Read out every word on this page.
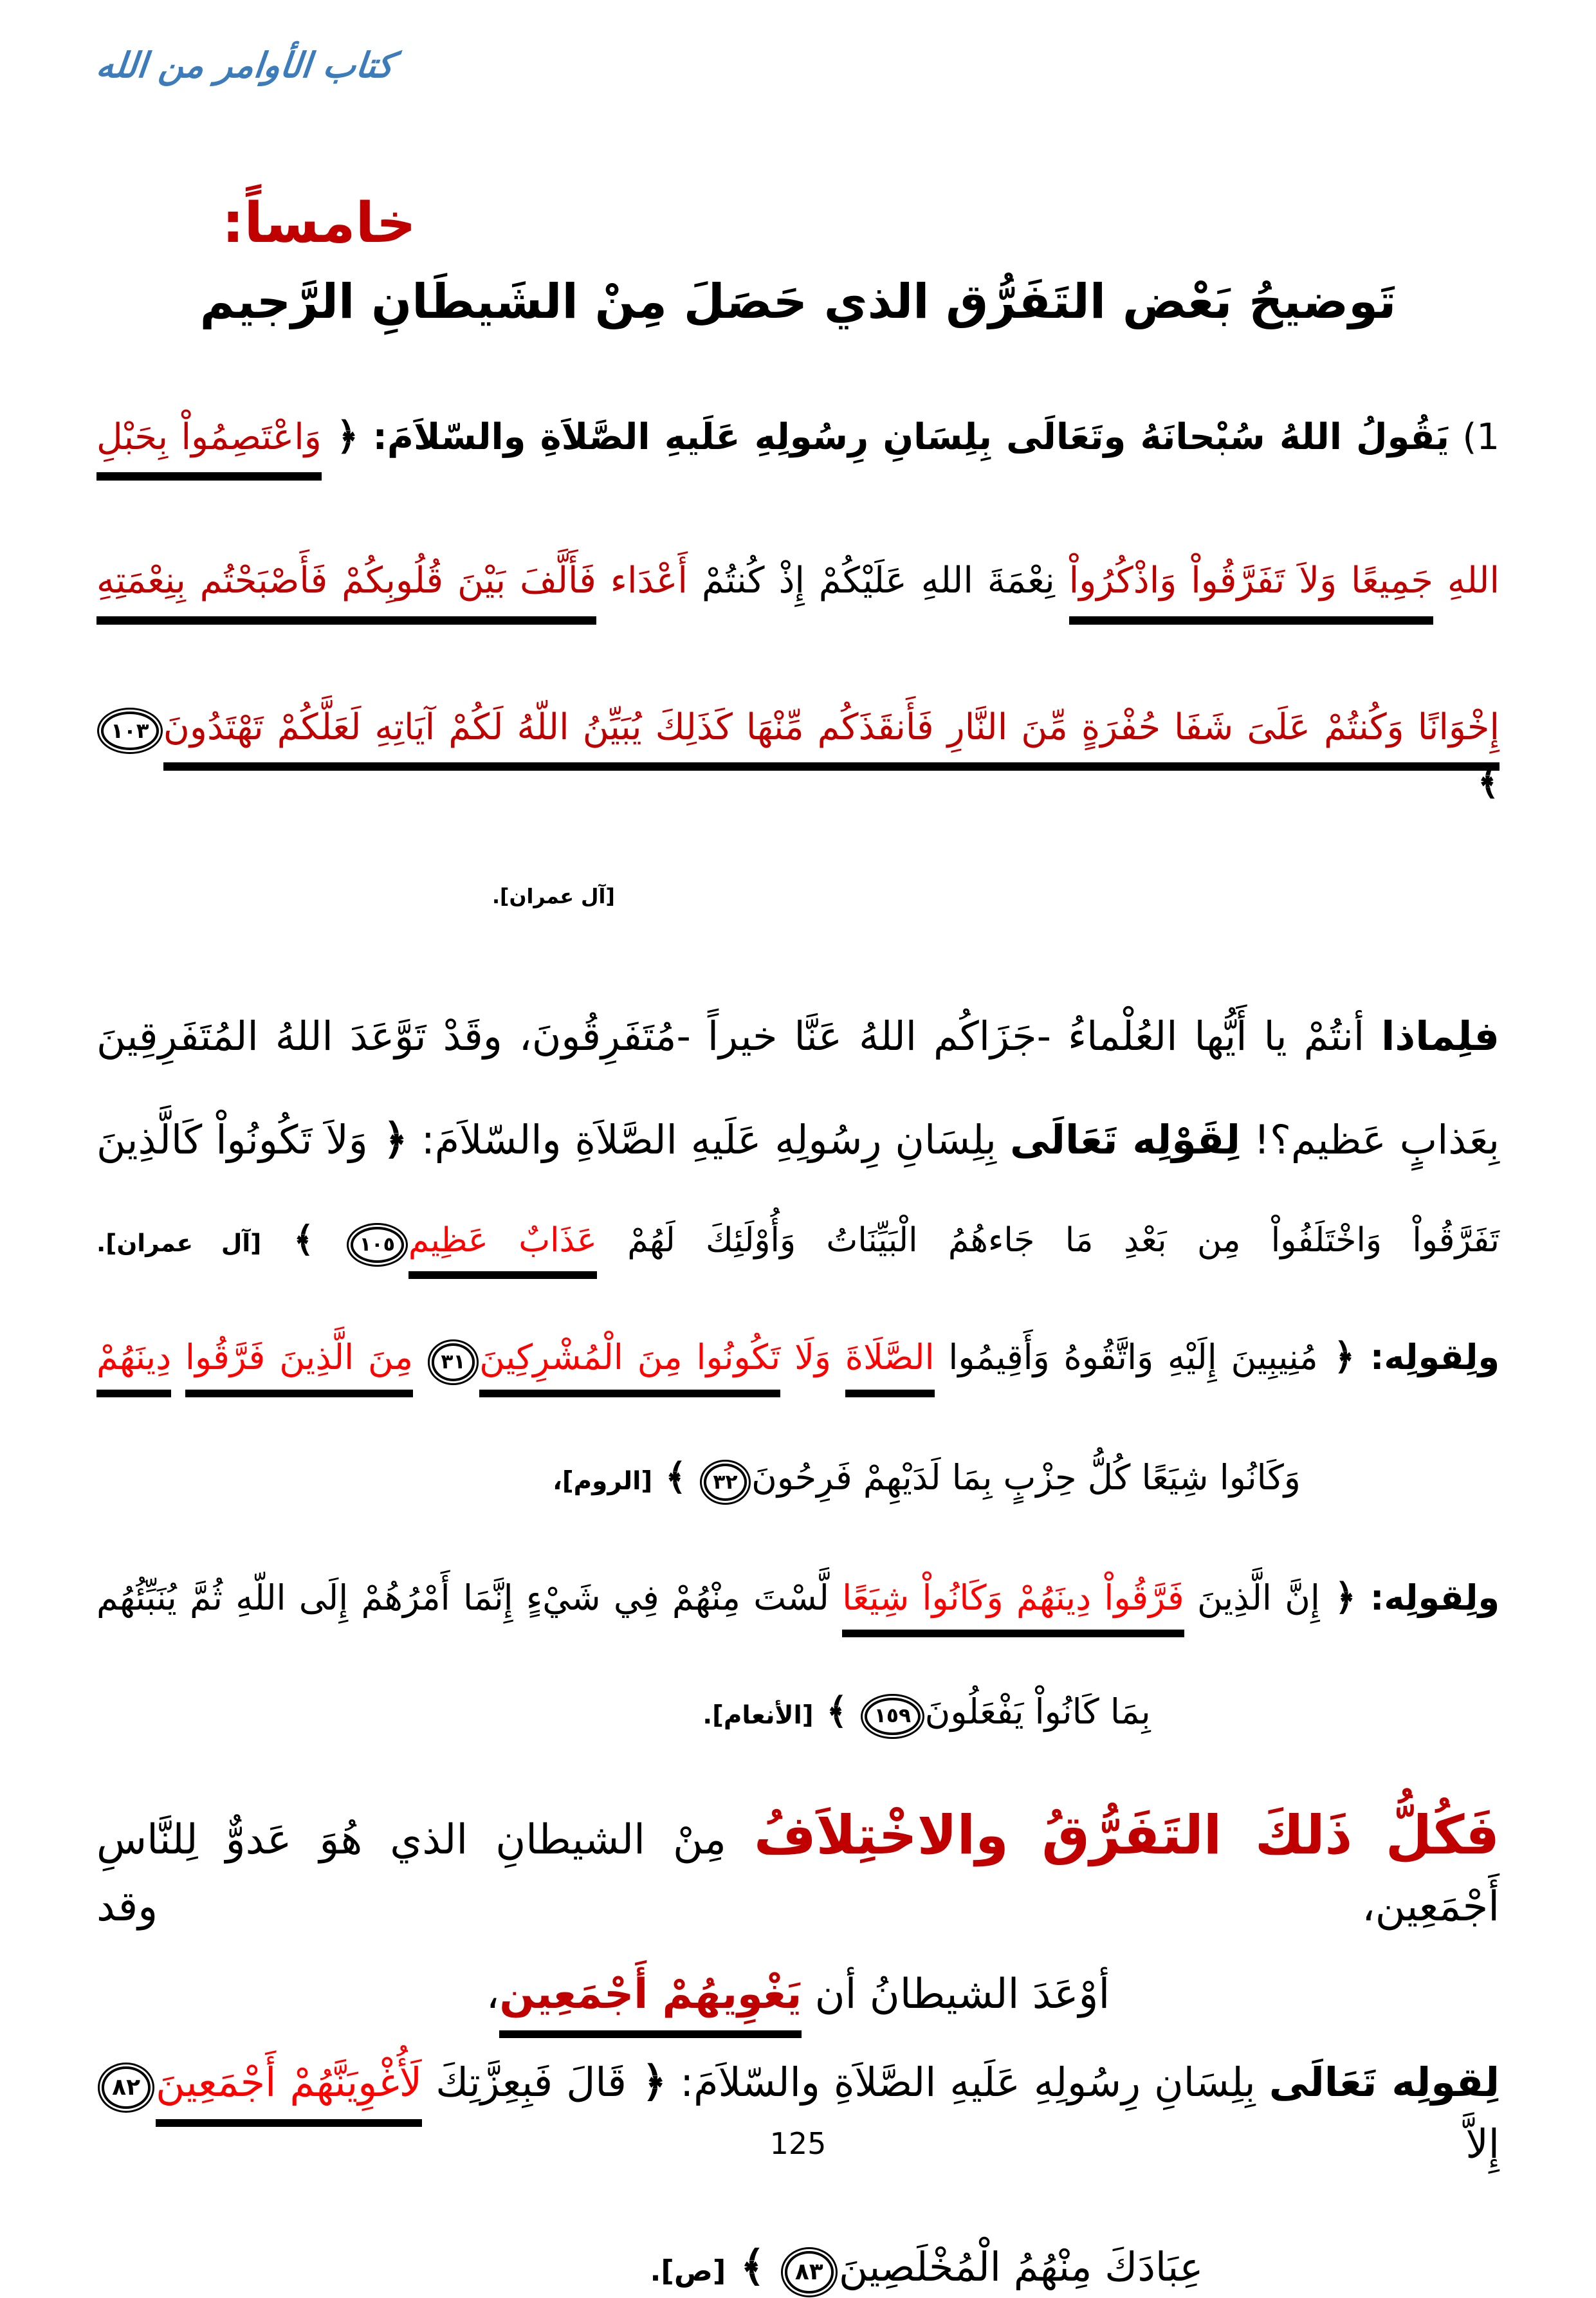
كتاب الأوامر من الله
خامساً:
تَوضيحُ بَعْض التَفَرُّق الذي حَصَلَ مِنْ الشَيطَانِ الرَّجيم
1) يَقُولُ اللهُ سُبْحانَهُ وتَعَالَى بِلِسَانِ رِسُولِهِ عَلَيهِ الصَّلاَةِ والسّلاَمَ: ﴿ وَاعْتَصِمُواْ بِحَبْلِ
اللهِ جَمِيعًا وَلاَ تَفَرَّقُواْ وَاذْكُرُواْ نِعْمَةَ اللهِ عَلَيْكُمْ إِذْ كُنتُمْ أَعْدَاء فَأَلَّفَ بَيْنَ قُلُوبِكُمْ فَأَصْبَحْتُم بِنِعْمَتِهِ
إِخْوَانًا وَكُنتُمْ عَلَىَ شَفَا حُفْرَةٍ مِّنَ النَّارِ فَأَنقَذَكُم مِّنْهَا كَذَلِكَ يُبَيِّنُ اللّهُ لَكُمْ آيَاتِهِ لَعَلَّكُمْ تَهْتَدُونَ١٠٣ ﴾
[آل عمران].
فلِماذا أنتُمْ يا أَيُّها العُلْماءُ -جَزَاكُم اللهُ عَنَّا خيراً -مُتَفَرِقُونَ، وقَدْ تَوَّعَدَ اللهُ المُتَفَرِقِينَ
بِعَذابٍ عَظيم؟! لِقَوْلِه تَعَالَى بِلِسَانِ رِسُولِهِ عَلَيهِ الصَّلاَةِ والسّلاَمَ: ﴿ وَلاَ تَكُونُواْ كَالَّذِينَ
تَفَرَّقُواْ وَاخْتَلَفُواْ مِن بَعْدِ مَا جَاءهُمُ الْبَيِّنَاتُ وَأُوْلَئِكَ لَهُمْ عَذَابٌ عَظِيم١٠٥ ﴾ [آل عمران].
ولِقولِه: ﴿ مُنِيبِينَ إِلَيْهِ وَاتَّقُوهُ وَأَقِيمُوا الصَّلَاةَ وَلَا تَكُونُوا مِنَ الْمُشْرِكِينَ٣١ مِنَ الَّذِينَ فَرَّقُوا دِينَهُمْ
وَكَانُوا شِيَعًا كُلُّ حِزْبٍ بِمَا لَدَيْهِمْ فَرِحُونَ٣٢ ﴾ [الروم]،
ولِقولِه: ﴿ إِنَّ الَّذِينَ فَرَّقُواْ دِينَهُمْ وَكَانُواْ شِيَعًا لَّسْتَ مِنْهُمْ فِي شَيْءٍ إِنَّمَا أَمْرُهُمْ إِلَى اللّهِ ثُمَّ يُنَبِّئُهُم
بِمَا كَانُواْ يَفْعَلُونَ١٥٩ ﴾ [الأنعام].
فَكُلُّ ذَلكَ التَفَرُّقُ والاخْتِلاَفُ مِنْ الشيطانِ الذي هُوَ عَدوٌّ لِلنَّاسِ أَجْمَعِين، وقد
أوْعَدَ الشيطانُ أن يَغْوِيهُمْ أَجْمَعِين،
لِقولِه تَعَالَى بِلِسَانِ رِسُولِهِ عَلَيهِ الصَّلاَةِ والسّلاَمَ: ﴿ قَالَ فَبِعِزَّتِكَ لَأُغْوِيَنَّهُمْ أَجْمَعِينَ٨٢ إِلاَّ
عِبَادَكَ مِنْهُمُ الْمُخْلَصِينَ٨٣ ﴾ [ص].
125
